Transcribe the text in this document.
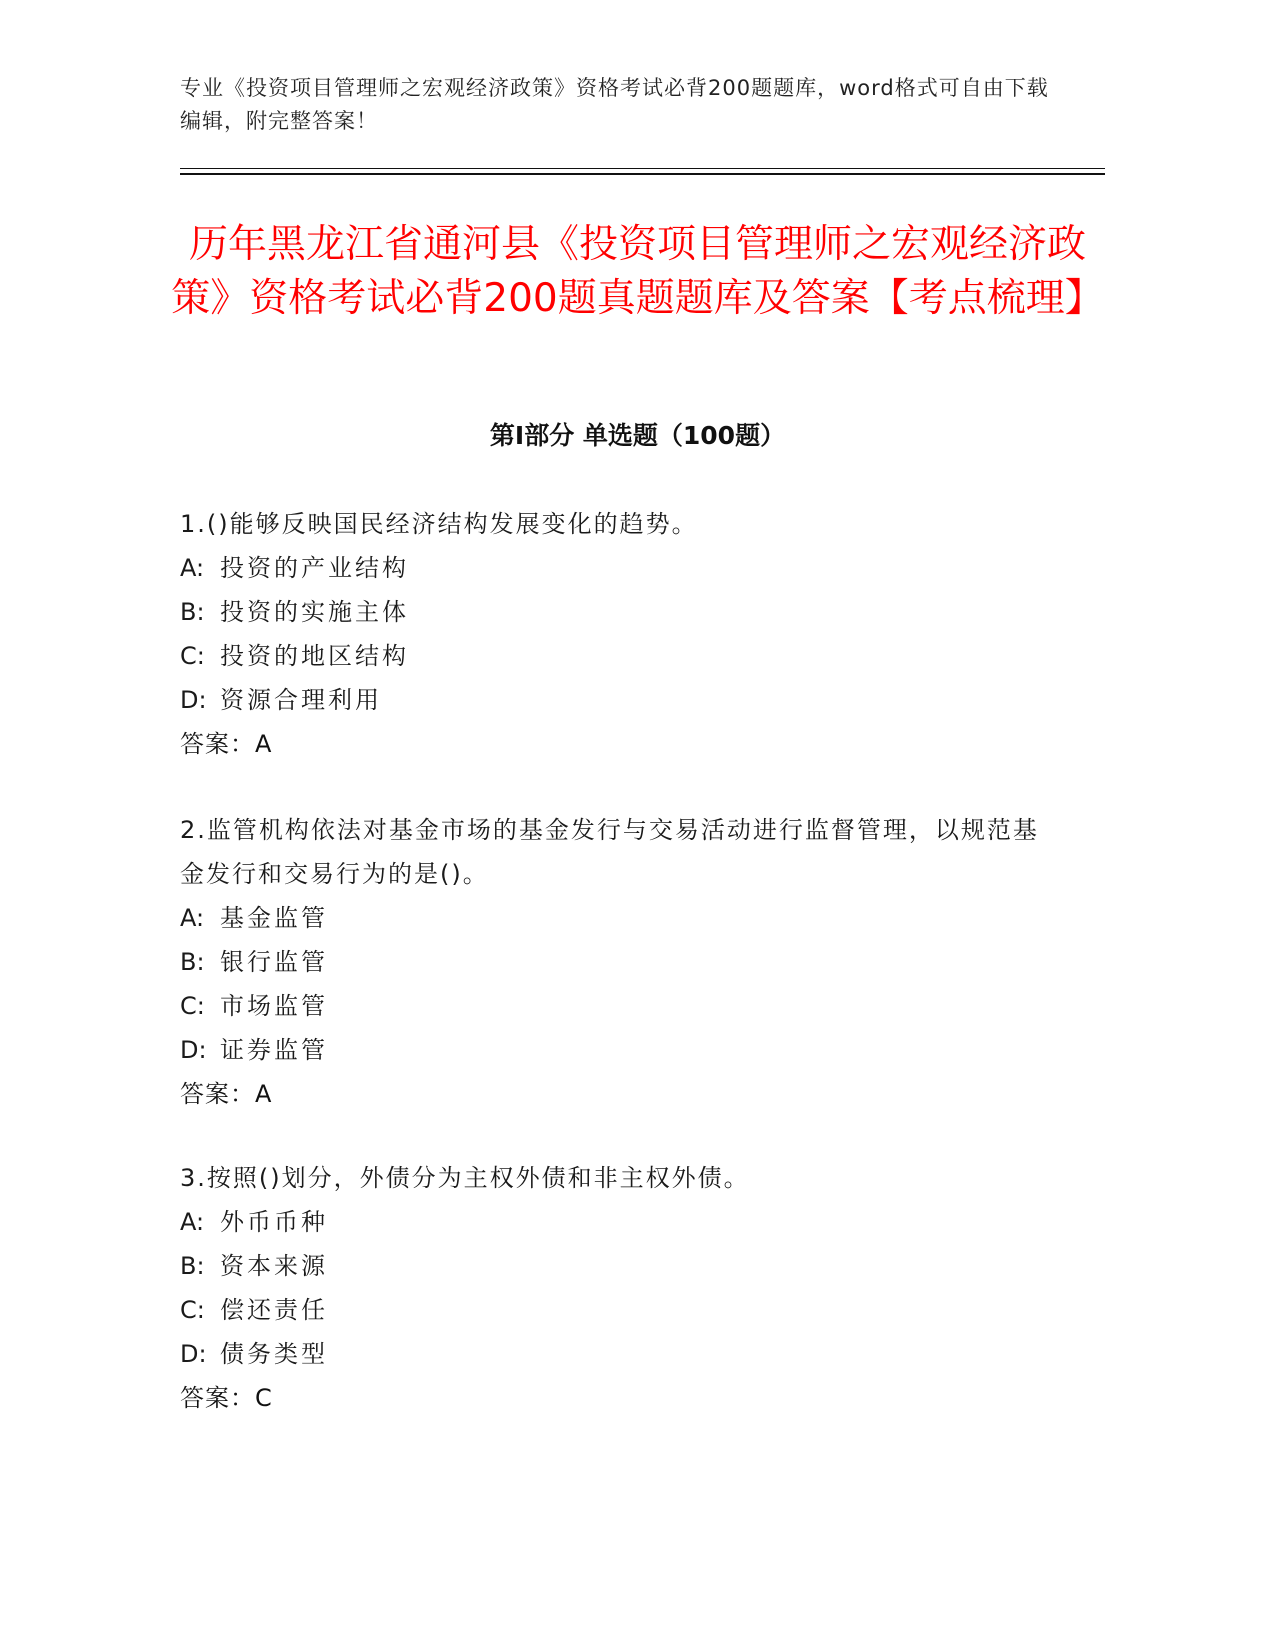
专业《投资项目管理师之宏观经济政策》资格考试必背200题题库，word格式可自由下载编辑，附完整答案！
历年黑龙江省通河县《投资项目管理师之宏观经济政策》资格考试必背200题真题题库及答案【考点梳理】
第Ⅰ部分 单选题（100题）

1.()能够反映国民经济结构发展变化的趋势。

A: 投资的产业结构

B: 投资的实施主体

C: 投资的地区结构

D: 资源合理利用

答案：A

2.监管机构依法对基金市场的基金发行与交易活动进行监督管理，以规范基金发行和交易行为的是()。

A: 基金监管

B: 银行监管

C: 市场监管

D: 证券监管

答案：A

3.按照()划分，外债分为主权外债和非主权外债。

A: 外币币种

B: 资本来源

C: 偿还责任

D: 债务类型

答案：C
